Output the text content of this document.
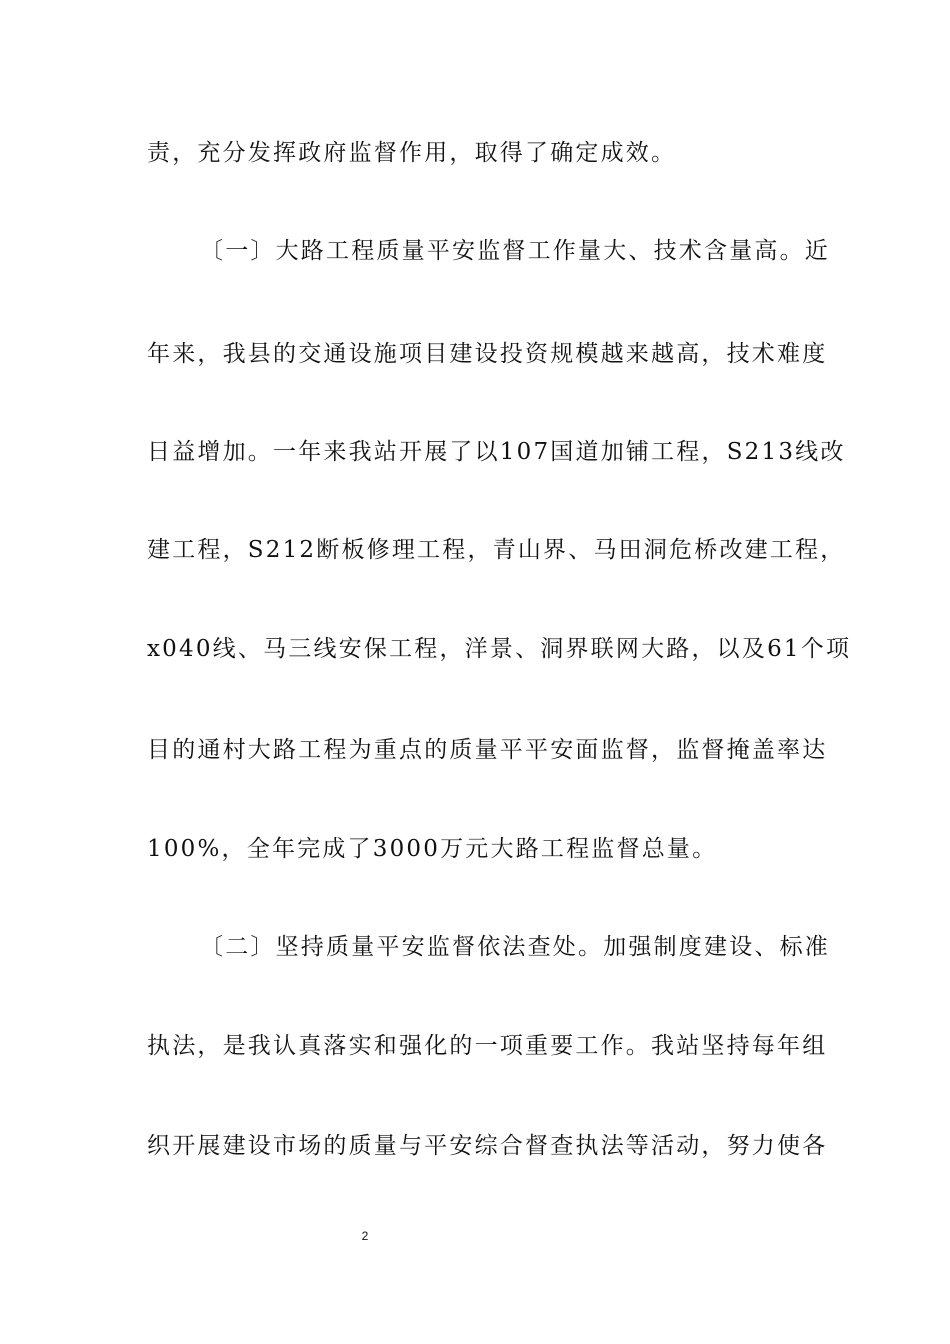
责，充分发挥政府监督作用，取得了确定成效。
〔一〕大路工程质量平安监督工作量大、技术含量高。近
年来，我县的交通设施项目建设投资规模越来越高，技术难度
日益增加。一年来我站开展了以107国道加铺工程，S213线改
建工程，S212断板修理工程，青山界、马田洞危桥改建工程，
x040线、马三线安保工程，洋景、洞界联网大路，以及61个项
目的通村大路工程为重点的质量平平安面监督，监督掩盖率达
100%，全年完成了3000万元大路工程监督总量。
〔二〕坚持质量平安监督依法查处。加强制度建设、标准
执法，是我认真落实和强化的一项重要工作。我站坚持每年组
织开展建设市场的质量与平安综合督查执法等活动，努力使各
2
